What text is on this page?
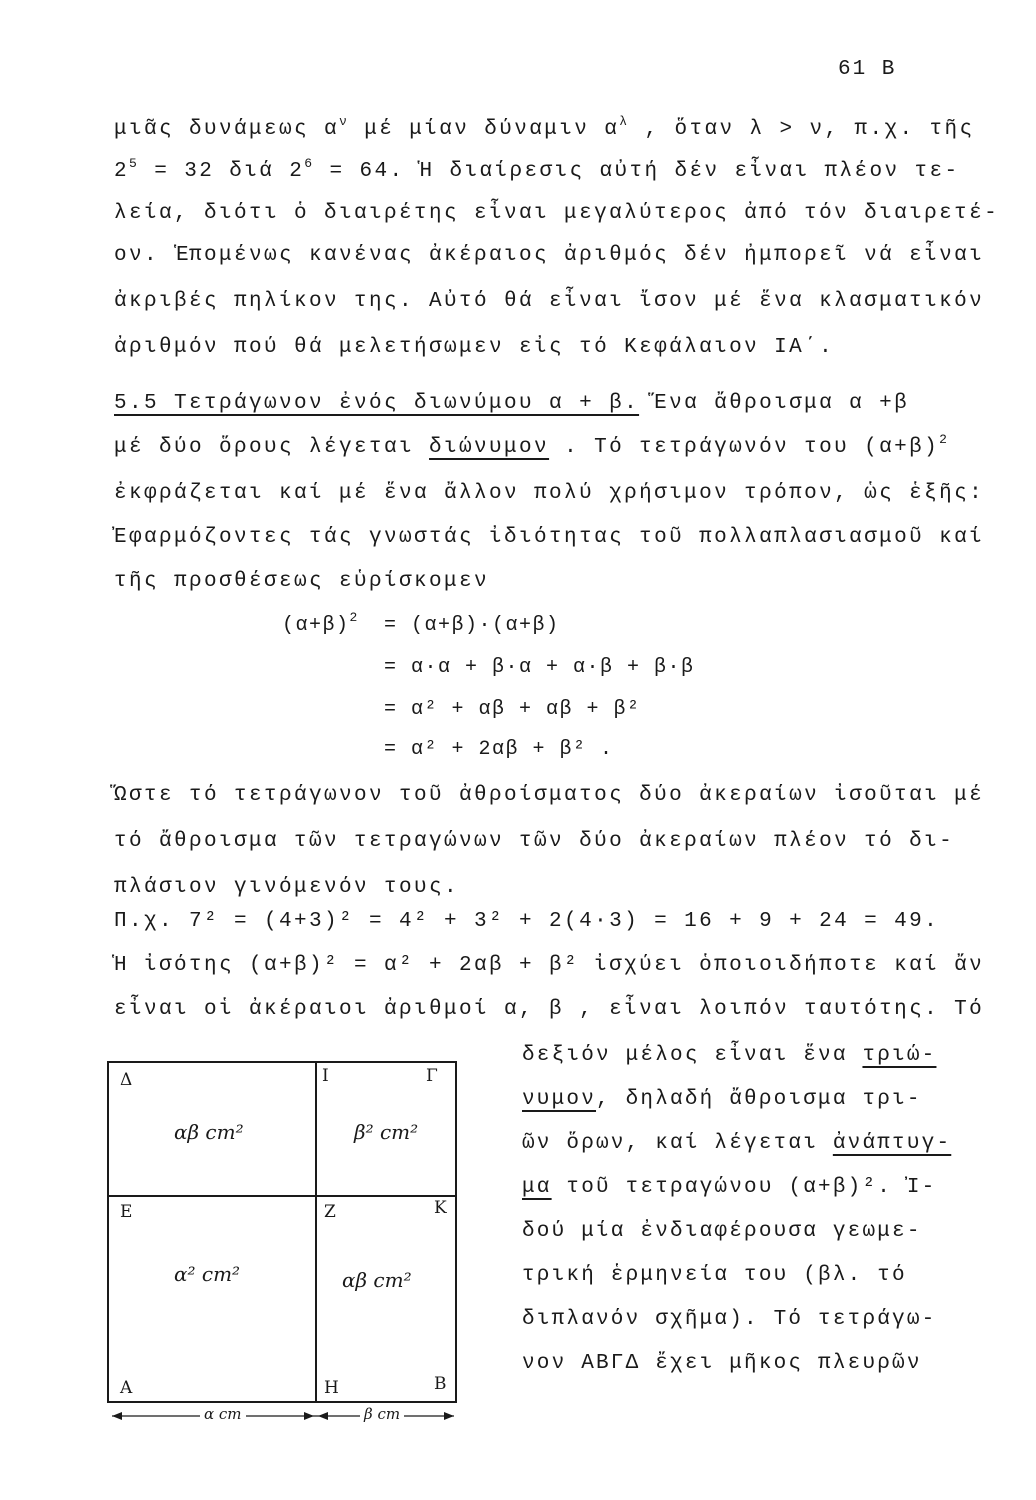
61 Β
μιᾶς δυνάμεως $\alpha^\nu$ μέ μίαν δύναμιν $\alpha^\lambda$ , ὅταν λ > ν, π.χ. τῆς
$2^5 = 32$ διά $2^6 = 64$. Ἡ διαίρεσις αὐτή δέν εἶναι πλέον τε-
λεία, διότι ὁ διαιρέτης εἶναι μεγαλύτερος ἀπό τόν διαιρετέ-
ον. Ἑπομένως κανένας ἀκέραιος ἀριθμός δέν ἠμπορεῖ νά εἶναι
ἀκριβές πηλίκον της. Αὐτό θά εἶναι ἴσον μέ ἕνα κλασματικόν
ἀριθμόν πού θά μελετήσωμεν εἰς τό Κεφάλαιον ΙΑ΄.
5.5 Τετράγωνον ἐνός διωνύμου α + β. Ἕνα ἄθροισμα α +β
μέ δύο ὅρους λέγεται διώνυμον . Τό τετράγωνόν του $(\alpha+\beta)^2$
ἐκφράζεται καί μέ ἕνα ἄλλον πολύ χρήσιμον τρόπον, ὡς ἑξῆς:
Ἐφαρμόζοντες τάς γνωστάς ἰδιότητας τοῦ πολλαπλασιασμοῦ καί
τῆς προσθέσεως εὑρίσκομεν
$(\alpha+\beta)^2 = (\alpha+\beta)\cdot(\alpha+\beta)$
= α·α + β·α + α·β + β·β
= α² + αβ + αβ + β²
= α² + 2αβ + β² .
Ὥστε τό τετράγωνον τοῦ ἀθροίσματος δύο ἀκεραίων ἰσοῦται μέ
τό ἄθροισμα τῶν τετραγώνων τῶν δύο ἀκεραίων πλέον τό δι-
πλάσιον γινόμενόν τους.
Π.χ. 7² = (4+3)² = 4² + 3² + 2(4·3) = 16 + 9 + 24 = 49.
Ἡ ἰσότης (α+β)² = α² + 2αβ + β² ἰσχύει ὁποιοιδήποτε καί ἄν
εἶναι οἱ ἀκέραιοι ἀριθμοί α, β , εἶναι λοιπόν ταυτότης. Τό
δεξιόν μέλος εἶναι ἕνα τριώ-
νυμον, δηλαδή ἄθροισμα τρι-
ῶν ὅρων, καί λέγεται ἀνάπτυγ-
μα τοῦ τετραγώνου (α+β)². Ἰ-
δού μία ἐνδιαφέρουσα γεωμε-
τρική ἑρμηνεία του (βλ. τό
διπλανόν σχῆμα). Τό τετράγω-
νον ΑΒΓΔ ἔχει μῆκος πλευρῶν
Δ	Ι	Γ
Ε	Ζ	Κ
Α	Η	Β
αβ cm²	β² cm²
α² cm²	αβ cm²
α cm	β cm
